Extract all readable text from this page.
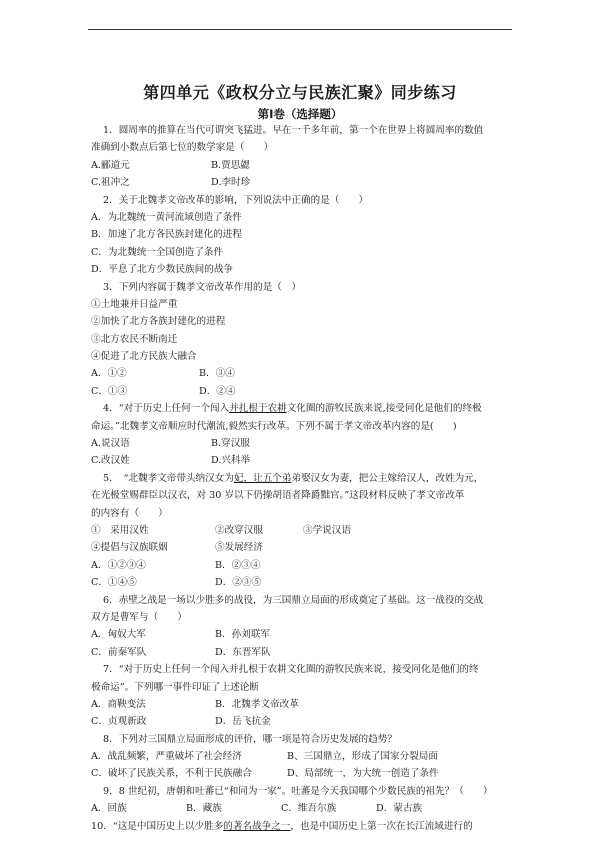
第四单元《政权分立与民族汇聚》同步练习
第I卷（选择题）
1．圆周率的推算在当代可谓突飞猛进。早在一千多年前，第一个在世界上将圆周率的数值
准确到小数点后第七位的数学家是（　　）
A.郦道元	B.贾思勰
C.祖冲之	D.李时珍
2．关于北魏孝文帝改革的影响，下列说法中正确的是（　　）
A．为北魏统一黄河流域创造了条件
B．加速了北方各民族封建化的进程
C．为北魏统一全国创造了条件
D．平息了北方少数民族间的战争
3．下列内容属于魏孝文帝改革作用的是（　）
①土地兼并日益严重
②加快了北方各族封建化的进程
③北方农民不断南迁
④促进了北方民族大融合
A．①②	B．③④
C．①③	D．②④
4．“对于历史上任何一个闯入并扎根于农耕文化圈的游牧民族来说,接受同化是他们的终极
命运。”北魏孝文帝顺应时代潮流,毅然实行改革。下列不属于孝文帝改革内容的是(　　)
A.说汉语	B.穿汉服
C.改汉姓	D.兴科举
5．　“北魏孝文帝带头纳汉女为妃，让五个弟弟娶汉女为妻，把公主嫁给汉人，改姓为元，
在光极堂赐群臣以汉衣，对 30 岁以下仍操胡语者降爵黜官。”这段材料反映了孝文帝改革
的内容有（　　）
①　采用汉姓	②改穿汉服	③学说汉语
④提倡与汉族联姻	⑤发展经济
A．①②③④	B．②③④
C．①④⑤	D．②③⑤
6．赤壁之战是一场以少胜多的战役，为三国鼎立局面的形成奠定了基础。这一战役的交战
双方是曹军与（　　）
A．匈奴大军	B．孙刘联军
C．前秦军队	D．东晋军队
7．“对于历史上任何一个闯入并扎根于农耕文化圈的游牧民族来说，接受同化是他们的终
极命运”。下列哪一事件印证了上述论断
A．商鞅变法	B．北魏孝文帝改革
C．贞观新政	D．岳飞抗金
8．下列对三国鼎立局面形成的评价，哪一项是符合历史发展的趋势？
A．战乱频繁，严重破坏了社会经济	B、三国鼎立，形成了国家分裂局面
C．破坏了民族关系，不利于民族融合	D、局部统一，为大统一创造了条件
9．8 世纪初，唐朝和吐蕃已“和同为一家”。吐蕃是今天我国哪个少数民族的祖先？（　　）
A．回族	B．藏族	C．维吾尔族	D．蒙古族
10．“这是中国历史上以少胜多的著名战争之一，也是中国历史上第一次在长江流域进行的
